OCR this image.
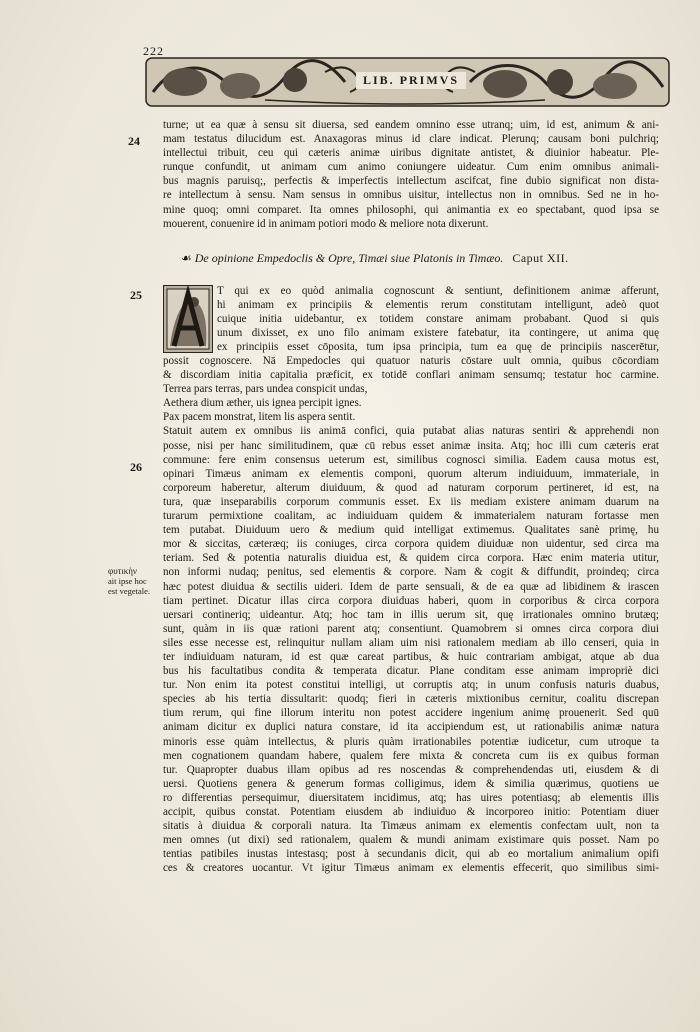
222
LIB. PRIMVS
24
25
26
turne; ut ea quæ à sensu sit diuersa, sed eandem omnino esse utranq; uim, id est, animum & ani-
mam testatus dilucidum est. Anaxagoras minus id clare indicat. Plerunq; causam boni pulchriq;
intellectui tribuit, ceu qui cæteris animæ uiribus dignitate antistet, & diuinior habeatur. Ple-
runque confundit, ut animam cum animo coniungere uideatur. Cum enim omnibus animali-
bus magnis paruisq;, perfectis & imperfectis intellectum ascifcat, fine dubio significat non dista-
re intellectum à sensu. Nam sensus in omnibus uisitur, intellectus non in omnibus. Sed ne in ho-
mine quoq; omni comparet. Ita omnes philosophi, qui animantia ex eo spectabant, quod ipsa se
mouerent, conuenire id in animam potiori modo & meliore nota dixerunt.
☙ De opinione Empedoclis & Opre, Timæi siue Platonis in Timæo. Caput XII.
T qui ex eo quòd animalia cognoscunt & sentiunt, definitionem animæ afferunt,
hi animam ex principiis & elementis rerum constitutam intelligunt, adeò quot
cuique initia uidebantur, ex totidem constare animam probabant. Quod si quis
unum dixisset, ex uno filo animam existere fatebatur, ita contingere, ut anima quę
ex principiis esset cōposita, tum ipsa principia, tum ea quę de principiis nascerētur,
possit cognoscere. Nā Empedocles qui quatuor naturis cōstare uult omnia, quibus cōcordiam
& discordiam initia capitalia præficit, ex totidē conflari animam sensumq; testatur hoc carmine.
Terrea pars terras, pars undea conspicit undas,
Aethera dium æther, uis ignea percipit ignes.
Pax pacem monstrat, litem lis aspera sentit.
Statuit autem ex omnibus iis animā confici, quia putabat alias naturas sentiri & apprehendi non
posse, nisi per hanc similitudinem, quæ cū rebus esset animæ insita. Atq; hoc illi cum cæteris erat
commune: fere enim consensus ueterum est, similibus cognosci similia. Eadem causa motus est,
opinari Timæus animam ex elementis componi, quorum alterum indiuiduum, immateriale, in
corporeum haberetur, alterum diuiduum, & quod ad naturam corporum pertineret, id est, na
tura, quæ inseparabilis corporum communis esset. Ex iis mediam existere animam duarum na
turarum permixtione coalitam, ac indiuiduam quidem & immaterialem naturam fortasse men
tem putabat. Diuiduum uero & medium quid intelligat extimemus. Qualitates sanè primę, hu
mor & siccitas, cæteræq; iis coniuges, circa corpora quidem diuiduæ non uidentur, sed circa ma
teriam. Sed & potentia naturalis diuidua est, & quidem circa corpora. Hæc enim materia utitur,
non informi nudaq; penitus, sed elementis & corpore. Nam & cogit & diffundit, proindeq; circa
hæc potest diuidua & sectilis uideri. Idem de parte sensuali, & de ea quæ ad libidinem & irascen
tiam pertinet. Dicatur illas circa corpora diuiduas haberi, quom in corporibus & circa corpora
uersari contineriq; uideantur. Atq; hoc tam in illis uerum sit, quę irrationales omnino brutæq;
sunt, quàm in iis quæ rationi parent atq; consentiunt. Quamobrem si omnes circa corpora diui
siles esse necesse est, relinquitur nullam aliam uim nisi rationalem mediam ab illo censeri, quia in
ter indiuiduam naturam, id est quæ careat partibus, & huic contrariam ambigat, atque ab dua
bus his facultatibus condita & temperata dicatur. Plane conditam esse animam impropriè dici
tur. Non enim ita potest constitui intelligi, ut corruptis atq; in unum confusis naturis duabus,
species ab his tertia dissultarit: quodq; fieri in cæteris mixtionibus cernitur, coalitu discrepan
tium rerum, qui fine illorum interitu non potest accidere ingenium animę prouenerit. Sed quū
animam dicitur ex duplici natura constare, id ita accipiendum est, ut rationabilis animæ natura
minoris esse quàm intellectus, & pluris quàm irrationabiles potentiæ iudicetur, cum utroque ta
men cognationem quandam habere, qualem fere mixta & concreta cum iis ex quibus forman
tur. Quapropter duabus illam opibus ad res noscendas & comprehendendas uti, eiusdem & di
uersi. Quotiens genera & generum formas colligimus, idem & similia quærimus, quotiens ue
ro differentias persequimur, diuersitatem incidimus, atq; has uires potentiasq; ab elementis illis
accipit, quibus constat. Potentiam eiusdem ab indiuiduo & incorporeo initio: Potentiam diuer
sitatis à diuidua & corporali natura. Ita Timæus animam ex elementis confectam uult, non ta
men omnes (ut dixi) sed rationalem, qualem & mundi animam existimare quis posset. Nam po
tentias patibiles inustas intestasq; post à secundanis dicit, qui ab eo mortalium animalium opifi
ces & creatores uocantur. Vt igitur Timæus animam ex elementis effecerit, quo similibus simi-
φυτικὴν
ait ipse hoc
est vegetale.
